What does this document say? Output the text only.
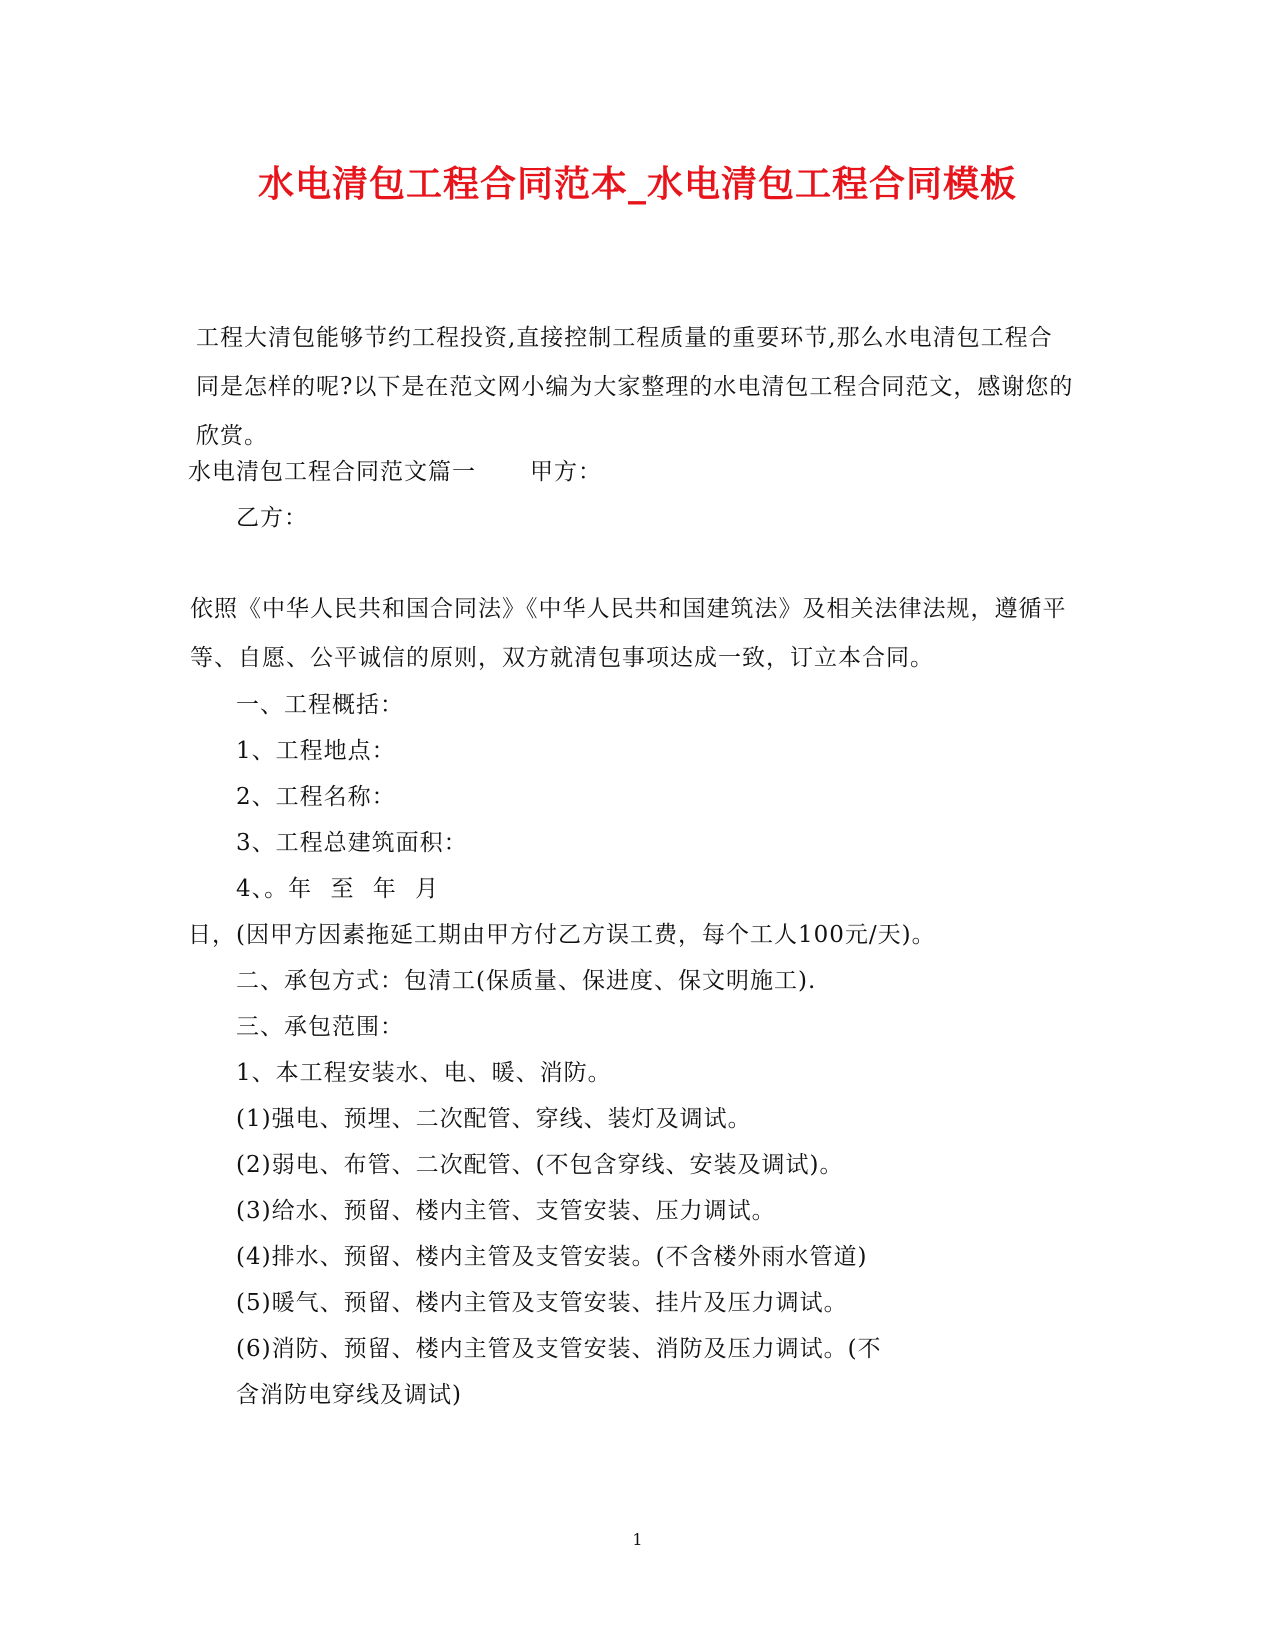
水电清包工程合同范本_水电清包工程合同模板
工程大清包能够节约工程投资,直接控制工程质量的重要环节,那么水电清包工程合同是怎样的呢?以下是在范文网小编为大家整理的水电清包工程合同范文，感谢您的欣赏。
水电清包工程合同范文篇一 甲方：
乙方：
依照《中华人民共和国合同法》《中华人民共和国建筑法》及相关法律法规，遵循平等、自愿、公平诚信的原则，双方就清包事项达成一致，订立本合同。
一、工程概括：
1、工程地点：
2、工程名称：
3、工程总建筑面积：
4、。年 至 年 月
日，(因甲方因素拖延工期由甲方付乙方误工费，每个工人100元/天)。
二、承包方式：包清工(保质量、保进度、保文明施工).
三、承包范围：
1、本工程安装水、电、暖、消防。
(1)强电、预埋、二次配管、穿线、装灯及调试。
(2)弱电、布管、二次配管、(不包含穿线、安装及调试)。
(3)给水、预留、楼内主管、支管安装、压力调试。
(4)排水、预留、楼内主管及支管安装。(不含楼外雨水管道)
(5)暖气、预留、楼内主管及支管安装、挂片及压力调试。
(6)消防、预留、楼内主管及支管安装、消防及压力调试。(不
含消防电穿线及调试)
1
